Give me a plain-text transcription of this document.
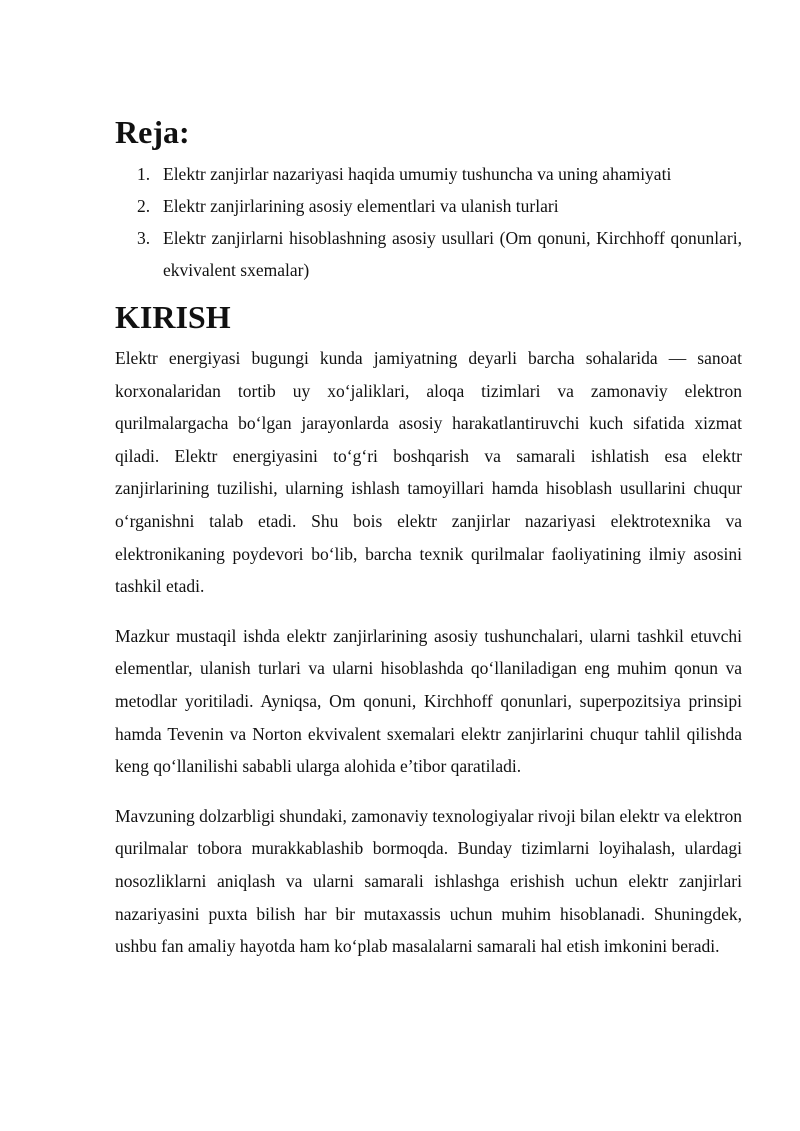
Reja:
1. Elektr zanjirlar nazariyasi haqida umumiy tushuncha va uning ahamiyati
2. Elektr zanjirlarining asosiy elementlari va ulanish turlari
3. Elektr zanjirlarni hisoblashning asosiy usullari (Om qonuni, Kirchhoff qonunlari, ekvivalent sxemalar)
KIRISH

Elektr energiyasi bugungi kunda jamiyatning deyarli barcha sohalarida — sanoat korxonalaridan tortib uy xo‘jaliklari, aloqa tizimlari va zamonaviy elektron qurilmalargacha bo‘lgan jarayonlarda asosiy harakatlantiruvchi kuch sifatida xizmat qiladi. Elektr energiyasini to‘g‘ri boshqarish va samarali ishlatish esa elektr zanjirlarining tuzilishi, ularning ishlash tamoyillari hamda hisoblash usullarini chuqur o‘rganishni talab etadi. Shu bois elektr zanjirlar nazariyasi elektrotexnika va elektronikaning poydevori bo‘lib, barcha texnik qurilmalar faoliyatining ilmiy asosini tashkil etadi.

Mazkur mustaqil ishda elektr zanjirlarining asosiy tushunchalari, ularni tashkil etuvchi elementlar, ulanish turlari va ularni hisoblashda qo‘llaniladigan eng muhim qonun va metodlar yoritiladi. Ayniqsa, Om qonuni, Kirchhoff qonunlari, superpozitsiya prinsipi hamda Tevenin va Norton ekvivalent sxemalari elektr zanjirlarini chuqur tahlil qilishda keng qo‘llanilishi sababli ularga alohida e’tibor qaratiladi.

Mavzuning dolzarbligi shundaki, zamonaviy texnologiyalar rivoji bilan elektr va elektron qurilmalar tobora murakkablashib bormoqda. Bunday tizimlarni loyihalash, ulardagi nosozliklarni aniqlash va ularni samarali ishlashga erishish uchun elektr zanjirlari nazariyasini puxta bilish har bir mutaxassis uchun muhim hisoblanadi. Shuningdek, ushbu fan amaliy hayotda ham ko‘plab masalalarni samarali hal etish imkonini beradi.
